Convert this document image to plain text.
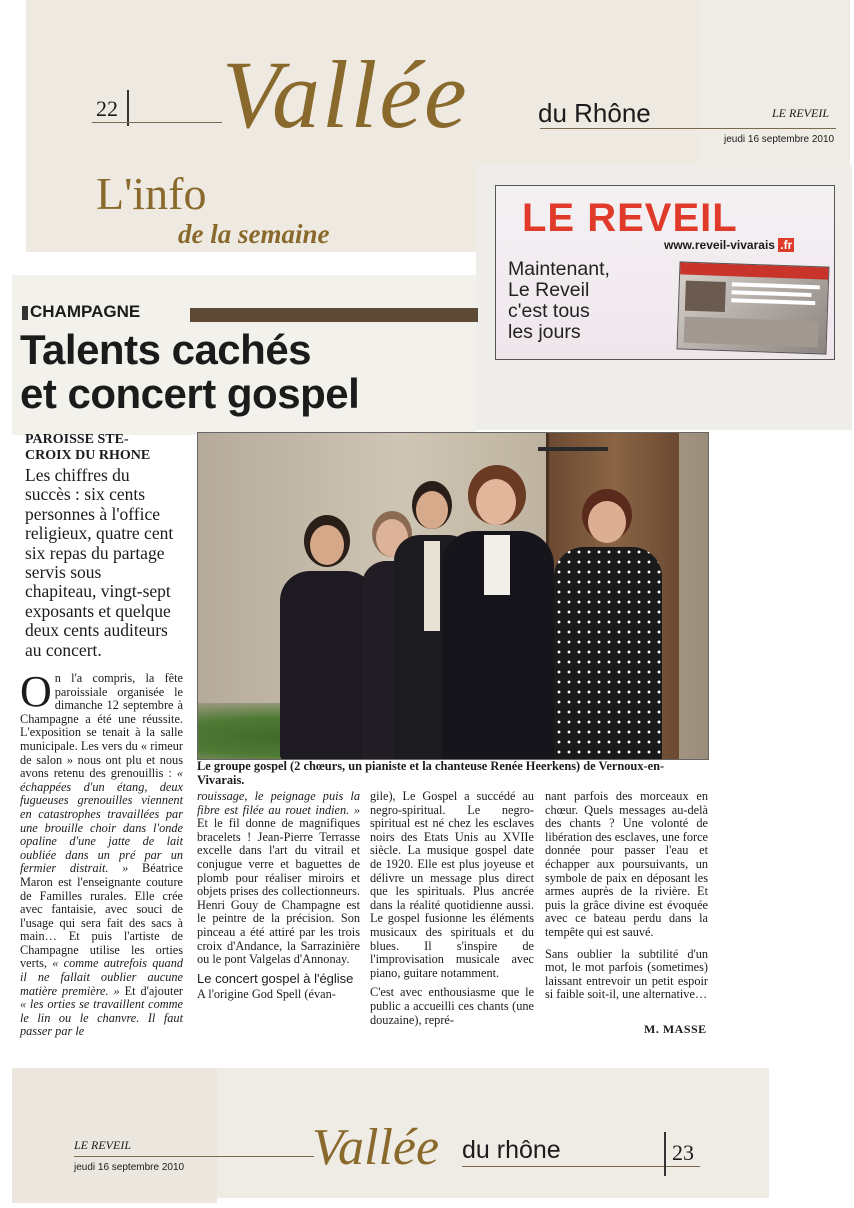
22 Vallée	du Rhône	LE REVEIL
jeudi 16 septembre 2010
L'info
de la semaine	LE REVEIL
www.reveil-vivarais .fr
Maintenant,
Le Reveil
c'est tous
les jours
CHAMPAGNE
Talents cachés
et concert gospel
PAROISSE STE-
CROIX DU RHONE
Les chiffres du succès : six cents personnes à l'office religieux, quatre cent six repas du partage servis sous chapiteau, vingt-sept exposants et quelque deux cents auditeurs au concert.
Le groupe gospel (2 chœurs, un pianiste et la chanteuse Renée Heerkens) de Vernoux-en-Vivarais.

O n l'a compris, la fête paroissiale organisée le dimanche 12 septembre à Champagne a été une réussite. L'exposition se tenait à la salle municipale. Les vers du « rimeur de salon » nous ont plu et nous avons retenu des grenouillis : « échappées d'un étang, deux fugueuses grenouilles viennent en catastrophes travaillées par une brouille choir dans l'onde opaline d'une jatte de lait oubliée dans un pré par un fermier distrait. » Béatrice Maron est l'enseignante couture de Familles rurales. Elle crée avec fantaisie, avec souci de l'usage qui sera fait des sacs à main… Et puis l'artiste de Champagne utilise les orties verts, « comme autrefois quand il ne fallait oublier aucune matière première. » Et d'ajouter « les orties se travaillent comme le lin ou le chanvre. Il faut passer par le

rouissage, le peignage puis la fibre est filée au rouet indien. » Et le fil donne de magnifiques bracelets ! Jean-Pierre Terrasse excelle dans l'art du vitrail et conjugue verre et baguettes de plomb pour réaliser miroirs et objets prises des collectionneurs. Henri Gouy de Champagne est le peintre de la précision. Son pinceau a été attiré par les trois croix d'Andance, la Sarrazinière ou le pont Valgelas d'Annonay.

Le concert gospel à l'église

A l'origine God Spell (évan-

gile), Le Gospel a succédé au negro-spiritual. Le negro-spiritual est né chez les esclaves noirs des Etats Unis au XVIIe siècle. La musique gospel date de 1920. Elle est plus joyeuse et délivre un message plus direct que les spirituals. Plus ancrée dans la réalité quotidienne aussi. Le gospel fusionne les éléments musicaux des spirituals et du blues. Il s'inspire de l'improvisation musicale avec piano, guitare notamment.

C'est avec enthousiasme que le public a accueilli ces chants (une douzaine), repré-

nant parfois des morceaux en chœur. Quels messages au-delà des chants ? Une volonté de libération des esclaves, une force donnée pour passer l'eau et échapper aux poursuivants, un symbole de paix en déposant les armes auprès de la rivière. Et puis la grâce divine est évoquée avec ce bateau perdu dans la tempête qui est sauvé.

Sans oublier la subtilité d'un mot, le mot parfois (sometimes) laissant entrevoir un petit espoir si faible soit-il, une alternative…

M. MASSE
LE REVEIL
jeudi 16 septembre 2010 Vallée du rhône	23
